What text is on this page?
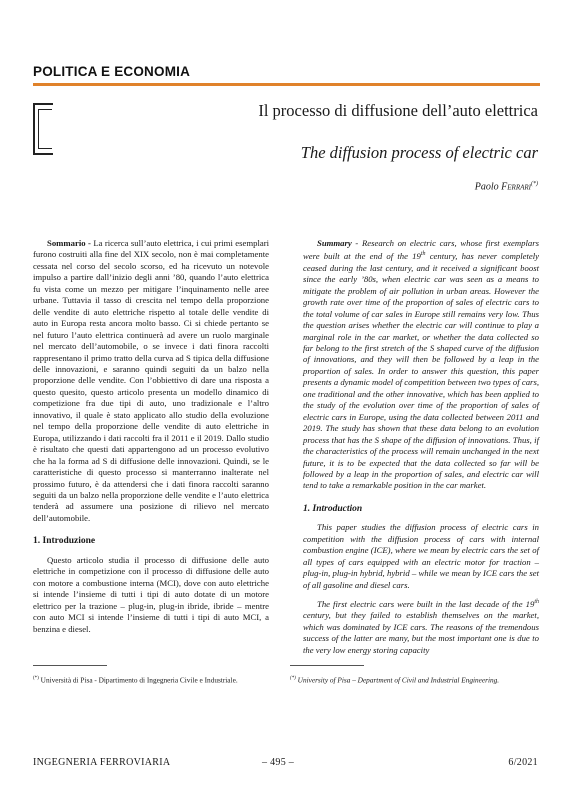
POLITICA E ECONOMIA
Il processo di diffusione dell’auto elettrica
The diffusion process of electric car
Paolo Ferrari(*)

Sommario - La ricerca sull’auto elettrica, i cui primi esemplari furono costruiti alla fine del XIX secolo, non è mai completamente cessata nel corso del secolo scorso, ed ha ricevuto un notevole impulso a partire dall’inizio degli anni ’80, quando l’auto elettrica fu vista come un mezzo per mitigare l’inquinamento nelle aree urbane. Tuttavia il tasso di crescita nel tempo della proporzione delle vendite di auto elettriche rispetto al totale delle vendite di auto in Europa resta ancora molto basso. Ci si chiede pertanto se nel futuro l’auto elettrica continuerà ad avere un ruolo marginale nel mercato dell’automobile, o se invece i dati finora raccolti rappresentano il primo tratto della curva ad S tipica della diffusione delle innovazioni, e saranno quindi seguiti da un balzo nella proporzione delle vendite. Con l’obbiettivo di dare una risposta a questo quesito, questo articolo presenta un modello dinamico di competizione fra due tipi di auto, uno tradizionale e l’altro innovativo, il quale è stato applicato allo studio della evoluzione nel tempo della proporzione delle vendite di auto elettriche in Europa, utilizzando i dati raccolti fra il 2011 e il 2019. Dallo studio è risultato che questi dati appartengono ad un processo evolutivo che ha la forma ad S di diffusione delle innovazioni. Quindi, se le caratteristiche di questo processo si manterranno inalterate nel prossimo futuro, è da attendersi che i dati finora raccolti saranno seguiti da un balzo nella proporzione delle vendite e l’auto elettrica tenderà ad assumere una posizione di rilievo nel mercato dell’automobile.

1. Introduzione

Questo articolo studia il processo di diffusione delle auto elettriche in competizione con il processo di diffusione delle auto con motore a combustione interna (MCI), dove con auto elettriche si intende l’insieme di tutti i tipi di auto dotate di un motore elettrico per la trazione – plug-in, plug-in ibride, ibride – mentre con auto MCI si intende l’insieme di tutti i tipi di auto MCI, a benzina e diesel.

Summary - Research on electric cars, whose first exemplars were built at the end of the 19th century, has never completely ceased during the last century, and it received a significant boost since the early ’80s, when electric car was seen as a means to mitigate the problem of air pollution in urban areas. However the growth rate over time of the proportion of sales of electric cars to the total volume of car sales in Europe still remains very low. Thus the question arises whether the electric car will continue to play a marginal role in the car market, or whether the data collected so far belong to the first stretch of the S shaped curve of the diffusion of innovations, and they will then be followed by a leap in the proportion of sales. In order to answer this question, this paper presents a dynamic model of competition between two types of cars, one traditional and the other innovative, which has been applied to the study of the evolution over time of the proportion of sales of electric cars in Europe, using the data collected between 2011 and 2019. The study has shown that these data belong to an evolution process that has the S shape of the diffusion of innovations. Thus, if the characteristics of the process will remain unchanged in the next future, it is to be expected that the data collected so far will be followed by a leap in the proportion of sales, and electric car will tend to take a remarkable position in the car market.

1. Introduction

This paper studies the diffusion process of electric cars in competition with the diffusion process of cars with internal combustion engine (ICE), where we mean by electric cars the set of all types of cars equipped with an electric motor for traction – plug-in, plug-in hybrid, hybrid – while we mean by ICE cars the set of all gasoline and diesel cars.

The first electric cars were built in the last decade of the 19th century, but they failed to establish themselves on the market, which was dominated by ICE cars. The reasons of the tremendous success of the latter are many, but the most important one is due to the very low energy storing capacity

(*) Università di Pisa - Dipartimento di Ingegneria Civile e Industriale.	(*) University of Pisa – Department of Civil and Industrial Engineering.
INGEGNERIA FERROVIARIA	– 495 –	6/2021
